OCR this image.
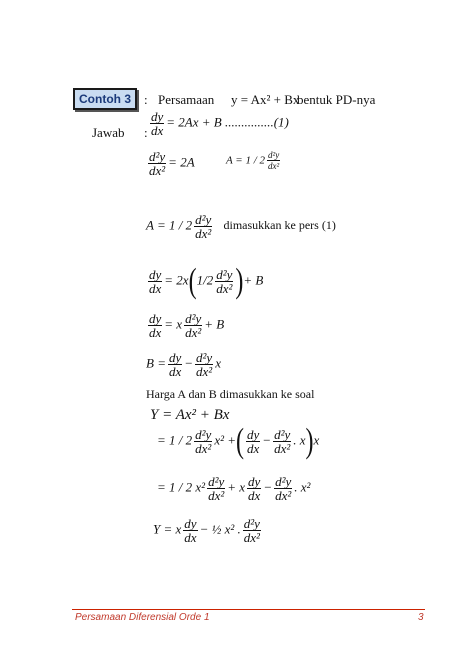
Contoh 3	: Persamaan y = Ax² + Bx
bentuk PD-nya
Jawab : $\frac{dy}{dx} = 2Ax + B$ ...............(1)
$\frac{\text{d²y}}{\text{dx²}} = 2A$	$A = 1 / 2 \frac{\text{d²y}}{\text{dx²}}$
$A = 1 / 2 \frac{\text{d²y}}{\text{dx²}}$ dimasukkan ke pers (1)
$\frac{dy}{dx} = 2x(1/2 \frac{\text{d²y}}{\text{dx²}}$ )+ B
$\frac{dy}{dx} = x \frac{\text{d²y}}{\text{dx²}} + B$
$B = \frac{dy}{dx} - \frac{\text{d²y}}{\text{dx²}}$ x
Harga A dan B dimasukkan ke soal
Y = Ax² + Bx
= $1 / 2 \frac{\text{d²y}}{\text{dx²}} x^2$ +( $\frac{dy}{dx} - \frac{\text{d²y}}{\text{dx²}}$ . x)x
= 1 / 2 $x^2 \frac{\text{d²y}}{\text{dx²}} + x \frac{dy}{dx} - \frac{\text{d²y}}{\text{dx²}}$ . x²
Y = x $\frac{dy}{dx}$ − ½ x² . $\frac{\text{d²y}}{\text{dx²}}$
Persamaan Diferensial Orde 1	3
